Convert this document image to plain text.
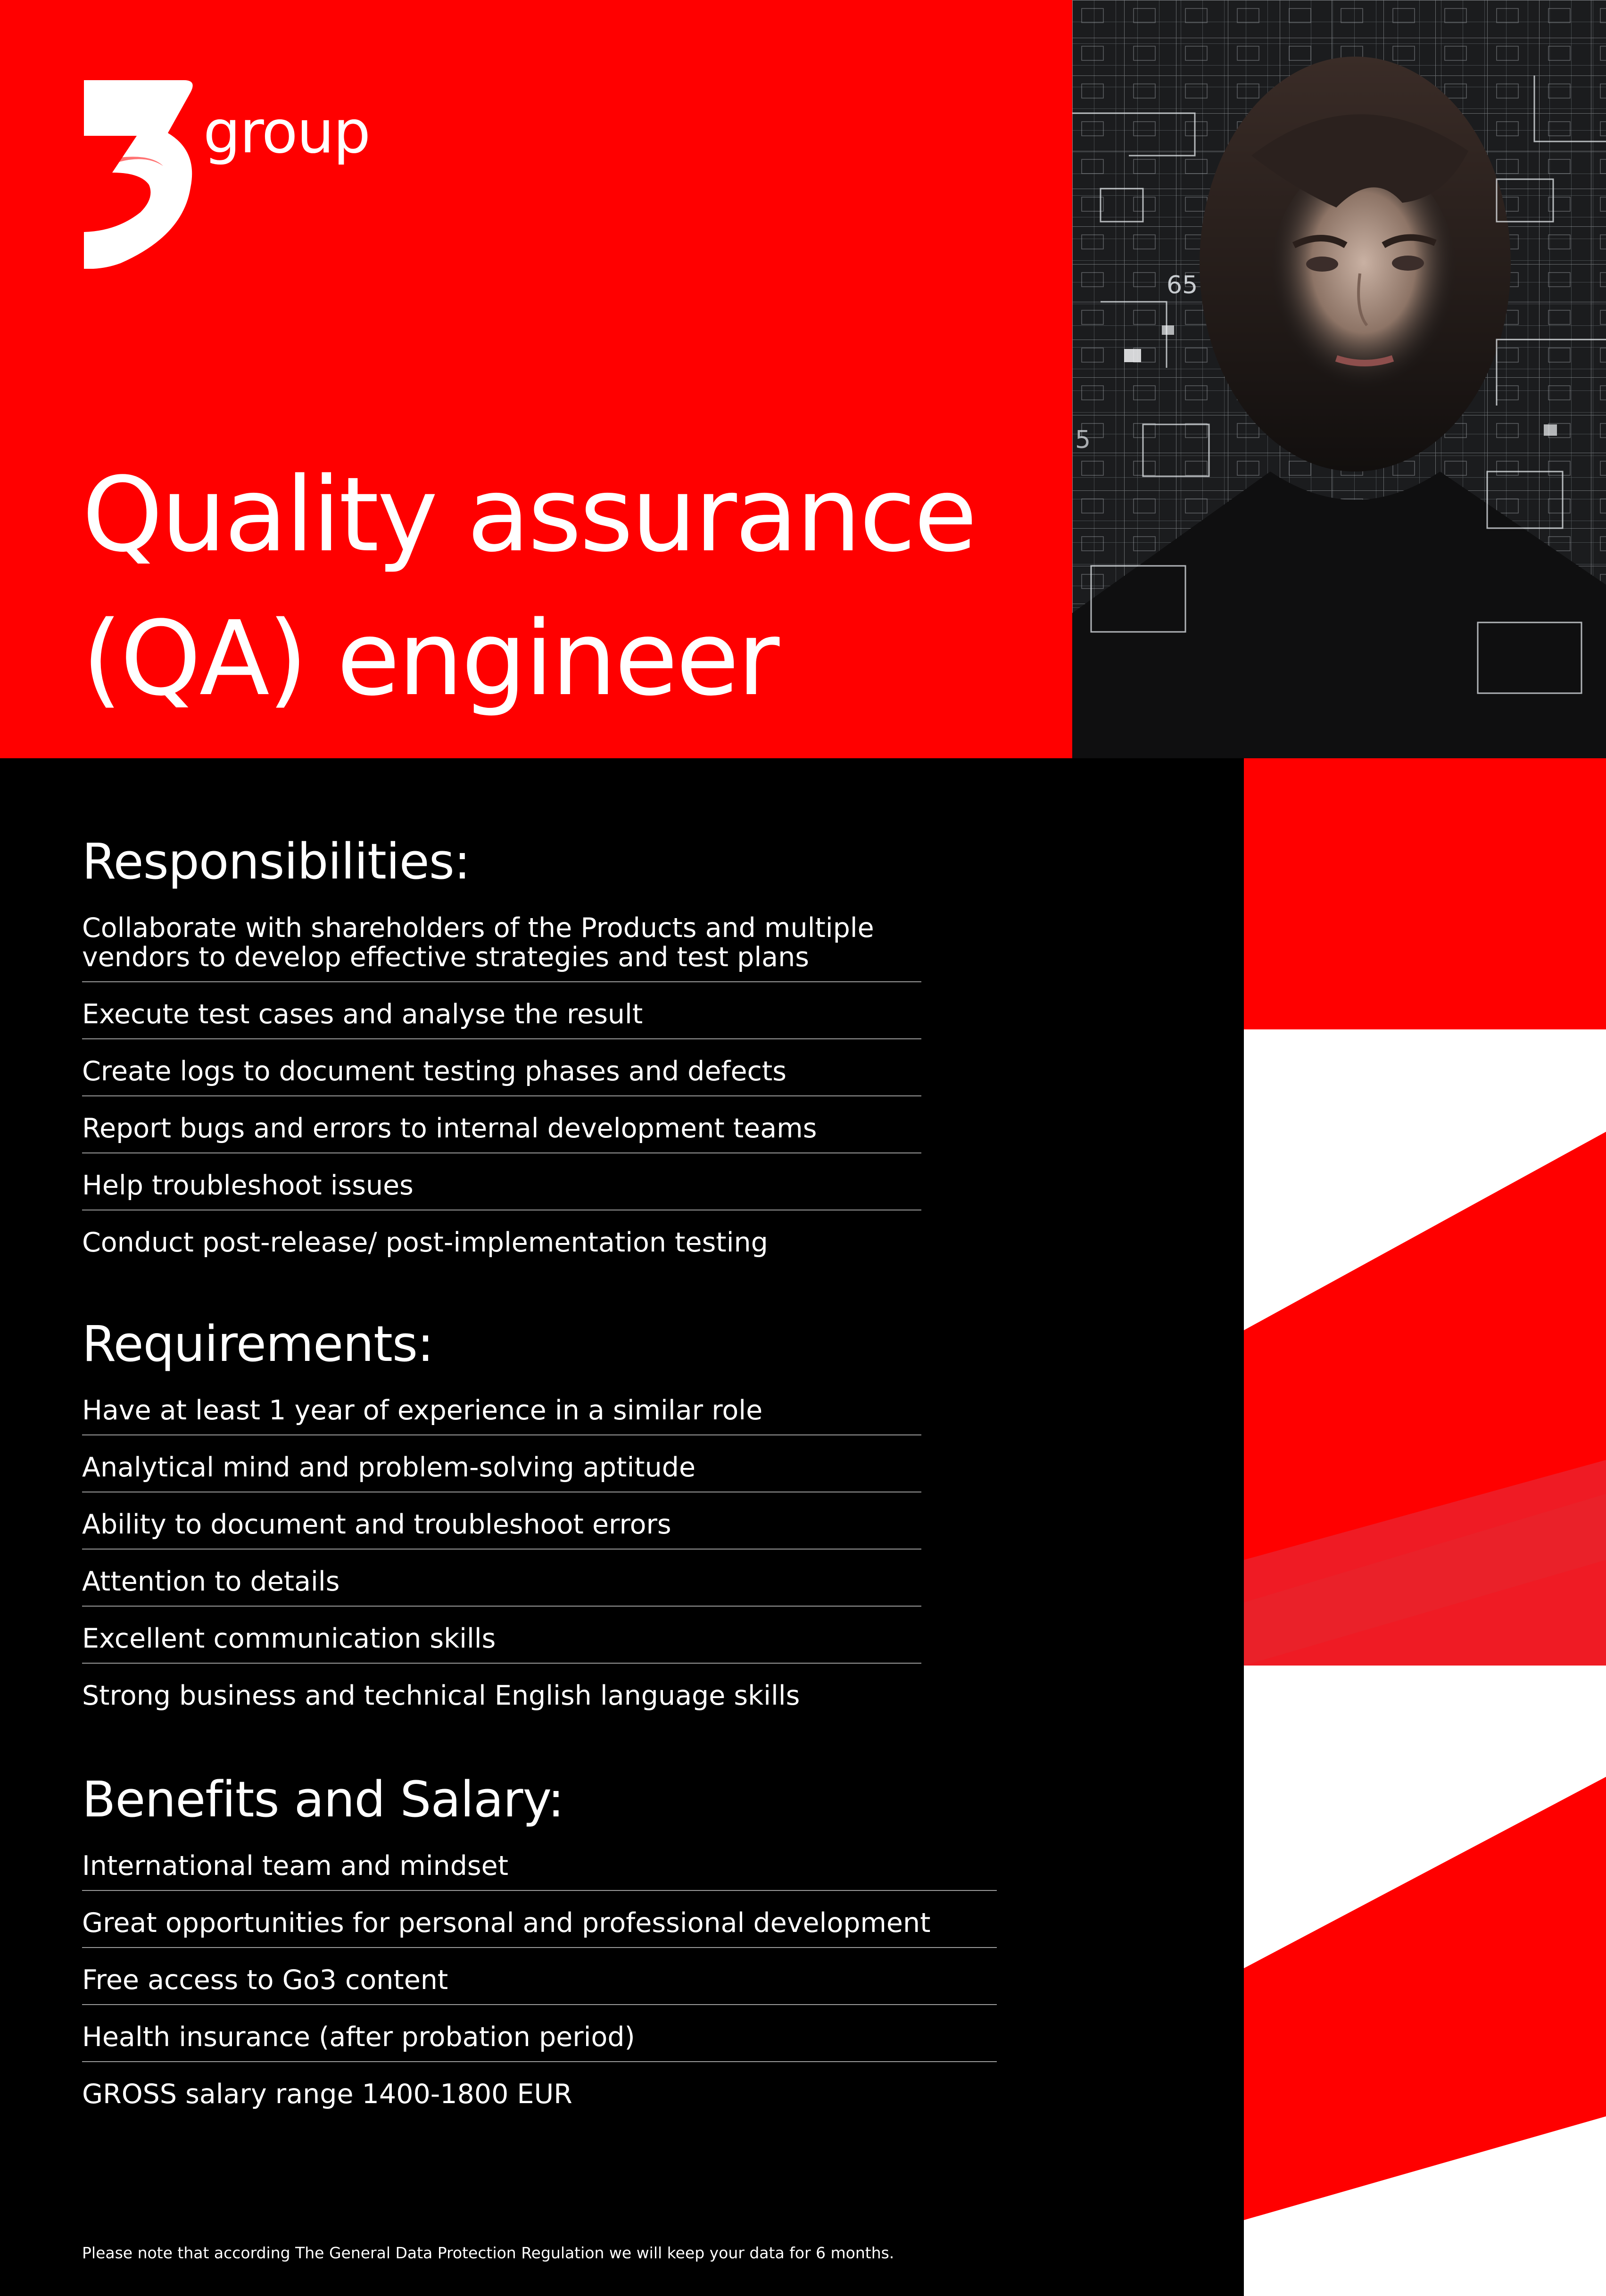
group
Quality assurance
(QA) engineer
65
5
Responsibilities:
Collaborate with shareholders of the Products and multiple
vendors to develop effective strategies and test plans
Execute test cases and analyse the result
Create logs to document testing phases and defects
Report bugs and errors to internal development teams
Help troubleshoot issues
Conduct post-release/ post-implementation testing
Requirements:
Have at least 1 year of experience in a similar role
Analytical mind and problem-solving aptitude
Ability to document and troubleshoot errors
Attention to details
Excellent communication skills
Strong business and technical English language skills
Benefits and Salary:
International team and mindset
Great opportunities for personal and professional development
Free access to Go3 content
Health insurance (after probation period)
GROSS salary range 1400-1800 EUR
Please note that according The General Data Protection Regulation we will keep your data for 6 months.
